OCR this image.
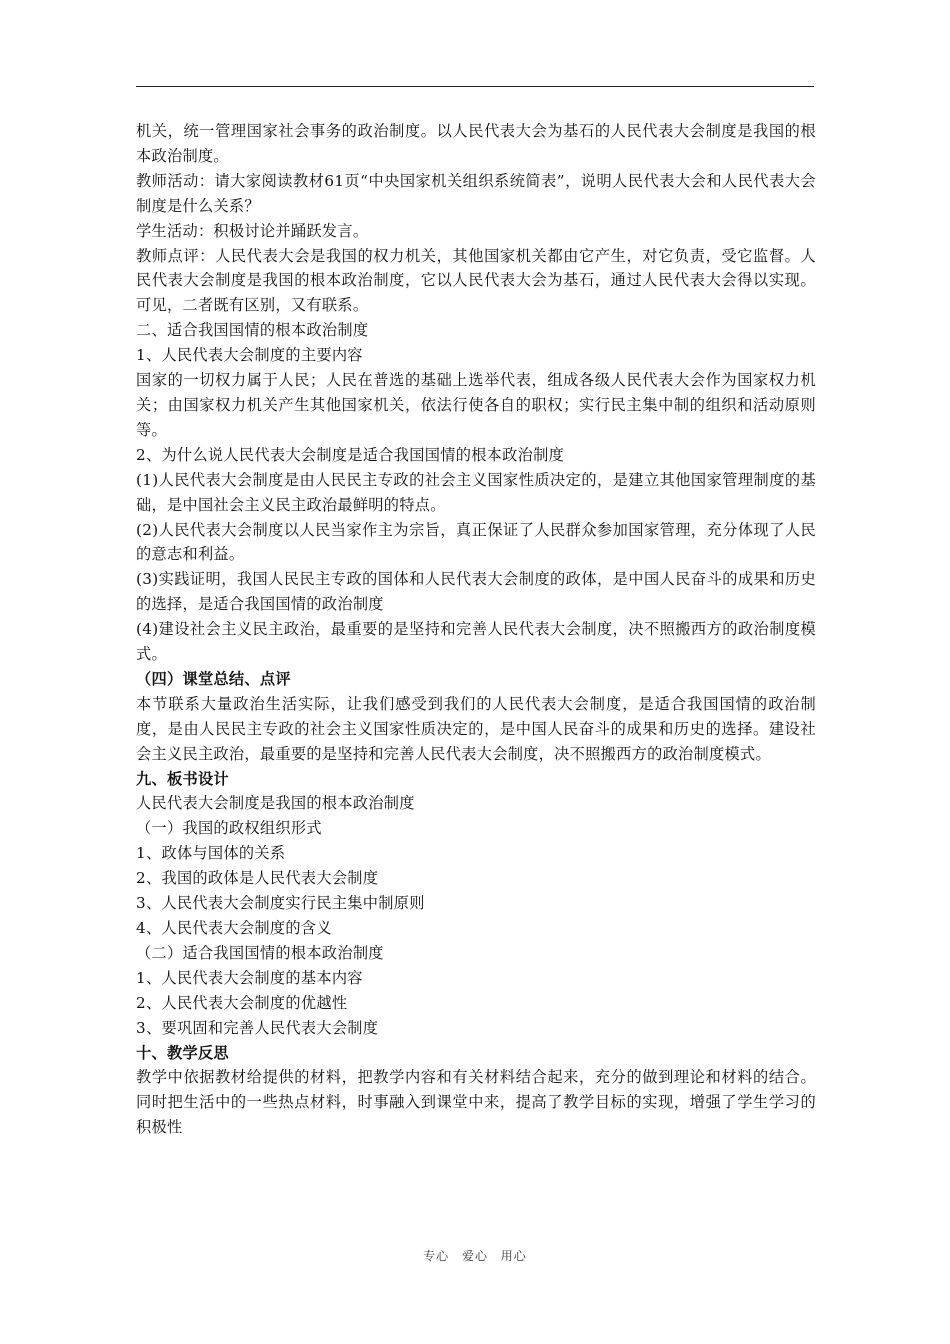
机关，统一管理国家社会事务的政治制度。以人民代表大会为基石的人民代表大会制度是我国的根本政治制度。

教师活动：请大家阅读教材61页“中央国家机关组织系统简表”，说明人民代表大会和人民代表大会制度是什么关系？

学生活动：积极讨论并踊跃发言。

教师点评：人民代表大会是我国的权力机关，其他国家机关都由它产生，对它负责，受它监督。人民代表大会制度是我国的根本政治制度，它以人民代表大会为基石，通过人民代表大会得以实现。可见，二者既有区别，又有联系。

二、适合我国国情的根本政治制度

1、人民代表大会制度的主要内容

国家的一切权力属于人民；人民在普选的基础上选举代表，组成各级人民代表大会作为国家权力机关；由国家权力机关产生其他国家机关，依法行使各自的职权；实行民主集中制的组织和活动原则等。

2、为什么说人民代表大会制度是适合我国国情的根本政治制度

(1)人民代表大会制度是由人民民主专政的社会主义国家性质决定的，是建立其他国家管理制度的基础，是中国社会主义民主政治最鲜明的特点。

(2)人民代表大会制度以人民当家作主为宗旨，真正保证了人民群众参加国家管理，充分体现了人民的意志和利益。

(3)实践证明，我国人民民主专政的国体和人民代表大会制度的政体，是中国人民奋斗的成果和历史的选择，是适合我国国情的政治制度

(4)建设社会主义民主政治，最重要的是坚持和完善人民代表大会制度，决不照搬西方的政治制度模式。

（四）课堂总结、点评

本节联系大量政治生活实际，让我们感受到我们的人民代表大会制度，是适合我国国情的政治制度，是由人民民主专政的社会主义国家性质决定的，是中国人民奋斗的成果和历史的选择。建设社会主义民主政治，最重要的是坚持和完善人民代表大会制度，决不照搬西方的政治制度模式。

九、板书设计

人民代表大会制度是我国的根本政治制度

（一）我国的政权组织形式

1、政体与国体的关系

2、我国的政体是人民代表大会制度

3、人民代表大会制度实行民主集中制原则

4、人民代表大会制度的含义

（二）适合我国国情的根本政治制度

1、人民代表大会制度的基本内容

2、人民代表大会制度的优越性

3、要巩固和完善人民代表大会制度

十、教学反思

教学中依据教材给提供的材料，把教学内容和有关材料结合起来，充分的做到理论和材料的结合。同时把生活中的一些热点材料，时事融入到课堂中来，提高了教学目标的实现，增强了学生学习的积极性

专心 爱心 用心
